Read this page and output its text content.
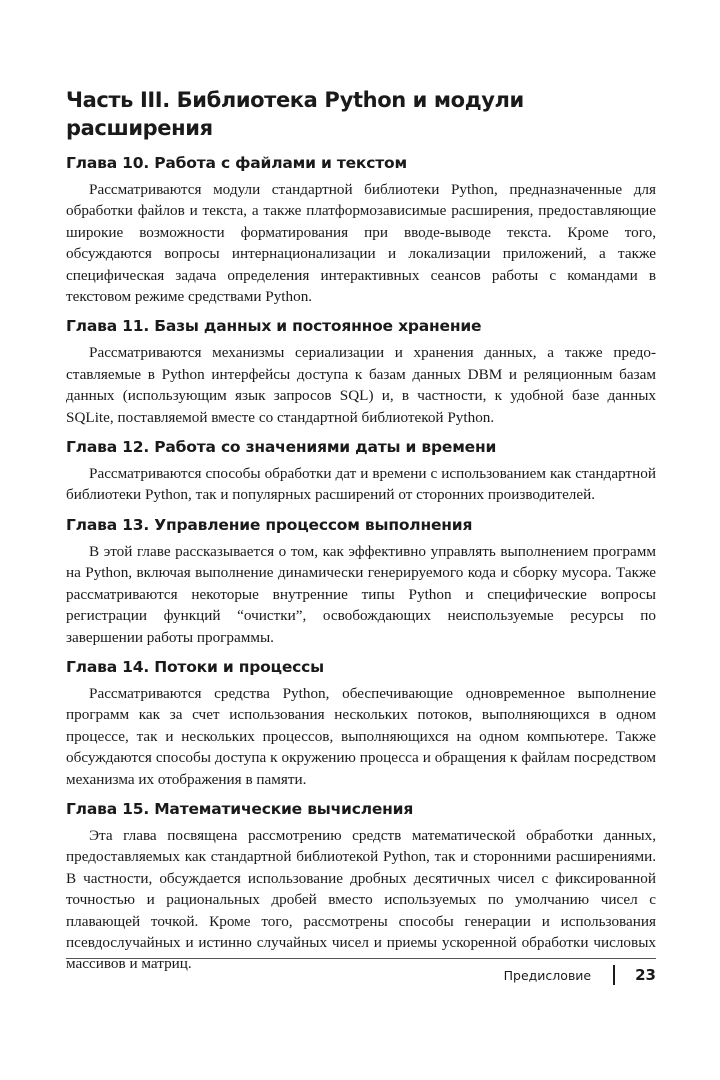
Часть III. Библиотека Python и модули расширения
Глава 10. Работа с файлами и текстом

Рассматриваются модули стандартной библиотеки Python, предназначенные для обработки файлов и текста, а также платформозависимые расширения, предоставляющие широкие возможности форматирования при вводе-выводе текста. Кроме того, обсуждаются вопросы интернационализации и локализации приложений, а также специфическая задача определения интерактивных сеансов работы с командами в текстовом режиме средствами Python.

Глава 11. Базы данных и постоянное хранение

Рассматриваются механизмы сериализации и хранения данных, а также предоставляемые в Python интерфейсы доступа к базам данных DBM и реляционным базам данных (использующим язык запросов SQL) и, в частности, к удобной базе данных SQLite, поставляемой вместе со стандартной библиотекой Python.

Глава 12. Работа со значениями даты и времени

Рассматриваются способы обработки дат и времени с использованием как стандартной библиотеки Python, так и популярных расширений от сторонних производителей.

Глава 13. Управление процессом выполнения

В этой главе рассказывается о том, как эффективно управлять выполнением программ на Python, включая выполнение динамически генерируемого кода и сборку мусора. Также рассматриваются некоторые внутренние типы Python и специфические вопросы регистрации функций “очистки”, освобождающих неиспользуемые ресурсы по завершении работы программы.

Глава 14. Потоки и процессы

Рассматриваются средства Python, обеспечивающие одновременное выполнение программ как за счет использования нескольких потоков, выполняющихся в одном процессе, так и нескольких процессов, выполняющихся на одном компьютере. Также обсуждаются способы доступа к окружению процесса и обращения к файлам посредством механизма их отображения в памяти.

Глава 15. Математические вычисления

Эта глава посвящена рассмотрению средств математической обработки данных, предоставляемых как стандартной библиотекой Python, так и сторонними расширениями. В частности, обсуждается использование дробных десятичных чисел с фиксированной точностью и рациональных дробей вместо используемых по умолчанию чисел с плавающей точкой. Кроме того, рассмотрены способы генерации и использования псевдослучайных и истинно случайных чисел и приемы ускоренной обработки числовых массивов и матриц.

Предисловие	23
